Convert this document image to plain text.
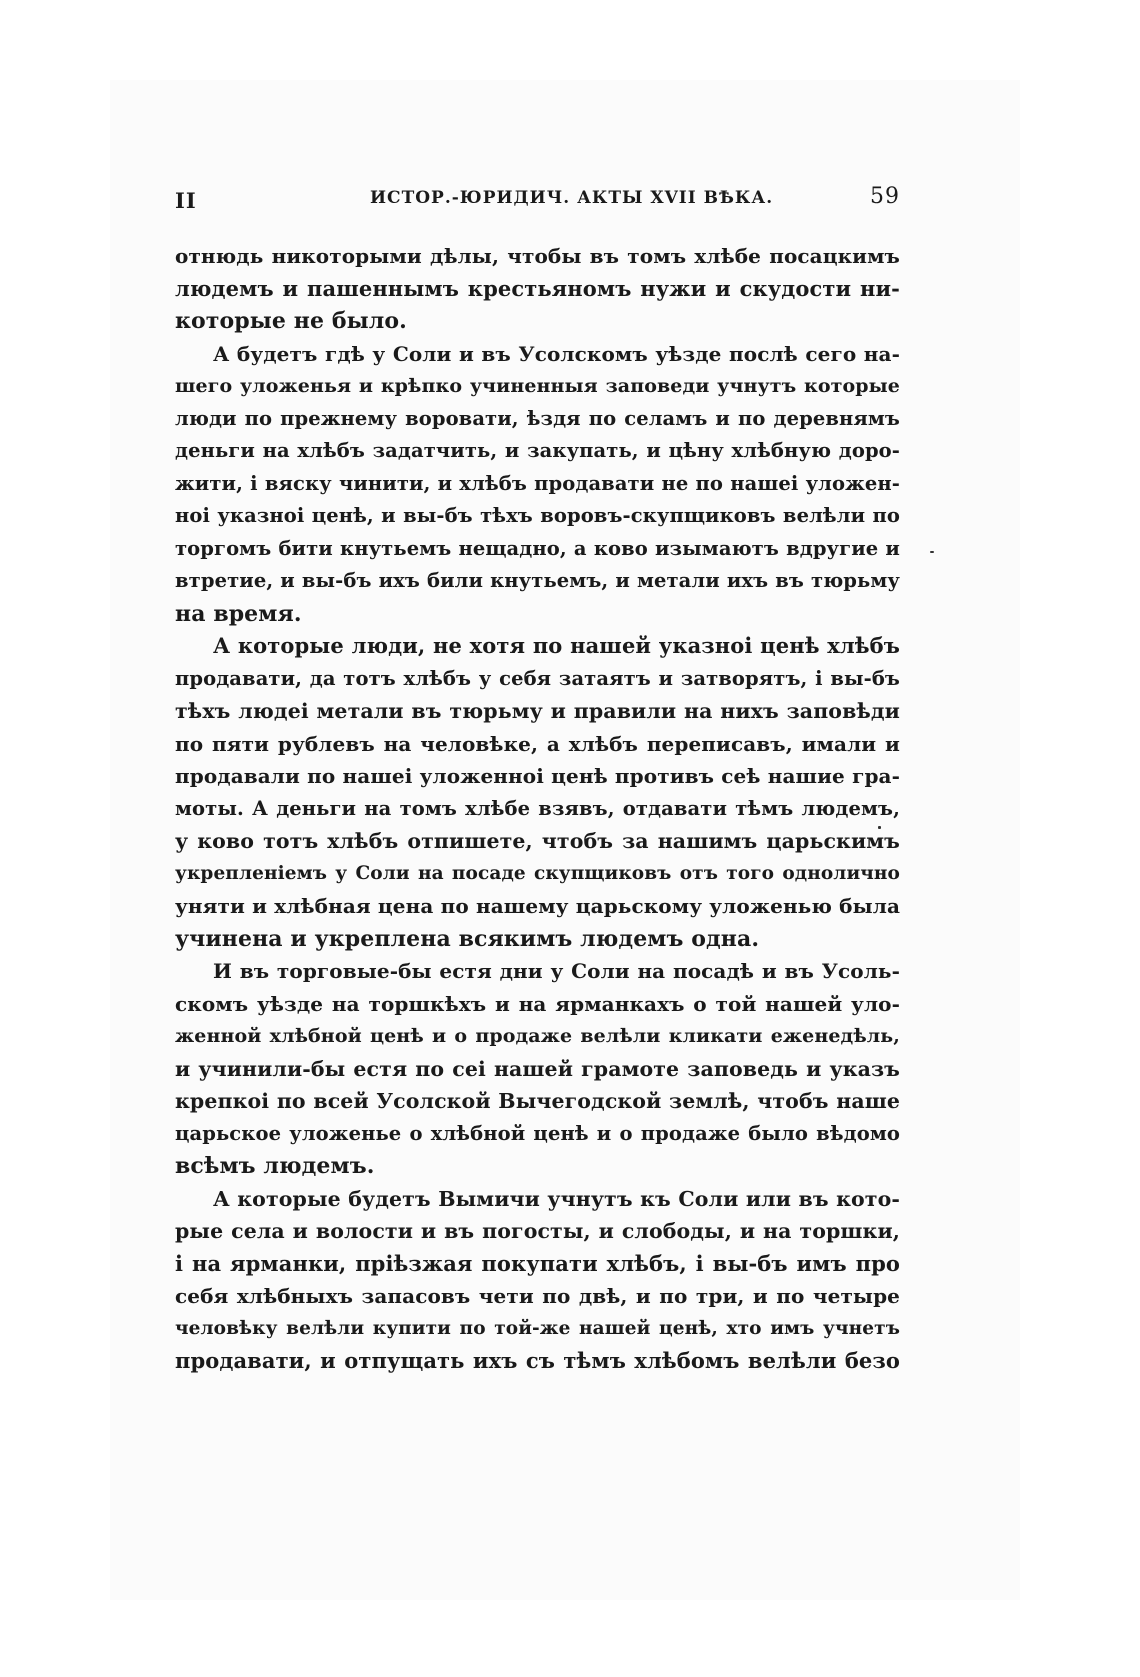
II	ИСТОР.-ЮРИДИЧ. АКТЫ XVII ВѢКА.	59
отнюдь никоторыми дѣлы, чтобы въ томъ хлѣбе посацкимъ
людемъ и пашеннымъ крестьяномъ нужи и скудости ни-
которые не было.
А будетъ гдѣ у Соли и въ Усолскомъ уѣзде послѣ сего на-
шего уложенья и крѣпко учиненныя заповеди учнутъ которые
люди по прежнему воровати, ѣздя по селамъ и по деревнямъ
деньги на хлѣбъ задатчить, и закупать, и цѣну хлѣбную доро-
жити, і вяску чинити, и хлѣбъ продавати не по нашеі уложен-
ноі указноі ценѣ, и вы-бъ тѣхъ воровъ-скупщиковъ велѣли по
торгомъ бити кнутьемъ нещадно, а ково изымаютъ вдругие и
втретие, и вы-бъ ихъ били кнутьемъ, и метали ихъ въ тюрьму
на время.
А которые люди, не хотя по нашей указноі ценѣ хлѣбъ
продавати, да тотъ хлѣбъ у себя затаятъ и затворятъ, і вы-бъ
тѣхъ людеі метали въ тюрьму и правили на нихъ заповѣди
по пяти рублевъ на человѣке, а хлѣбъ переписавъ, имали и
продавали по нашеі уложенноі ценѣ противъ сеѣ нашие гра-
моты. А деньги на томъ хлѣбе взявъ, отдавати тѣмъ людемъ,
у ково тотъ хлѣбъ отпишете, чтобъ за нашимъ царьскимъ
укрепленіемъ у Соли на посаде скупщиковъ отъ того одноличнo
уняти и хлѣбная цена по нашему царьскому уложенью была
учинена и укреплена всякимъ людемъ одна.
И въ торговые-бы естя дни у Соли на посадѣ и въ Усоль-
скомъ уѣзде на торшкѣхъ и на ярманкахъ о той нашей уло-
женной хлѣбной ценѣ и о продаже велѣли кликати еженедѣль,
и учинили-бы естя по сеі нашей грамоте заповедь и указъ
крепкоі по всей Усолской Вычегодской землѣ, чтобъ наше
царьское уложенье о хлѣбной ценѣ и о продаже было вѣдомо
всѣмъ людемъ.
А которые будетъ Вымичи учнутъ къ Соли или въ кото-
рые села и волости и въ погосты, и слободы, и на торшки,
і на ярманки, пріѣзжая покупати хлѣбъ, і вы-бъ имъ про
себя хлѣбныхъ запасовъ чети по двѣ, и по три, и по четыре
человѣку велѣли купити по той-же нашей ценѣ, хто имъ учнетъ
продавати, и отпущать ихъ съ тѣмъ хлѣбомъ велѣли безо
